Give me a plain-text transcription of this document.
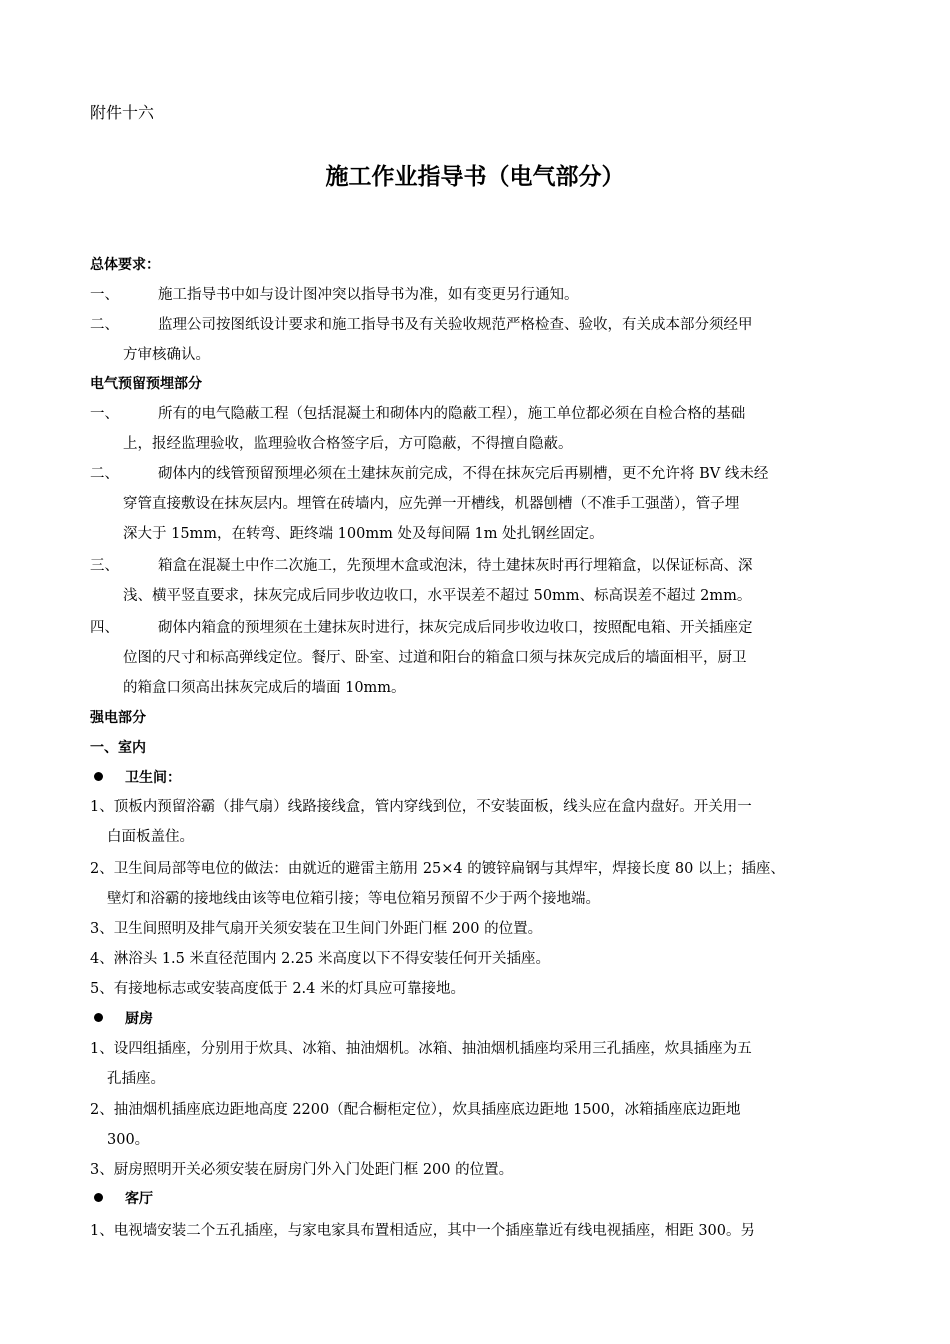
附件十六
施工作业指导书（电气部分）
总体要求：
一、	施工指导书中如与设计图冲突以指导书为准，如有变更另行通知。
二、	监理公司按图纸设计要求和施工指导书及有关验收规范严格检查、验收，有关成本部分须经甲
方审核确认。
电气预留预埋部分
一、	所有的电气隐蔽工程（包括混凝土和砌体内的隐蔽工程），施工单位都必须在自检合格的基础
上，报经监理验收，监理验收合格签字后，方可隐蔽，不得擅自隐蔽。
二、	砌体内的线管预留预埋必须在土建抹灰前完成，不得在抹灰完后再剔槽，更不允许将 BV 线未经
穿管直接敷设在抹灰层内。埋管在砖墙内，应先弹一开槽线，机器刨槽（不准手工强凿），管子埋
深大于 15mm，在转弯、距终端 100mm 处及每间隔 1m 处扎钢丝固定。
三、	箱盒在混凝土中作二次施工，先预埋木盒或泡沫，待土建抹灰时再行埋箱盒，以保证标高、深
浅、横平竖直要求，抹灰完成后同步收边收口，水平误差不超过 50mm、标高误差不超过 2mm。
四、	砌体内箱盒的预埋须在土建抹灰时进行，抹灰完成后同步收边收口，按照配电箱、开关插座定
位图的尺寸和标高弹线定位。餐厅、卧室、过道和阳台的箱盒口须与抹灰完成后的墙面相平，厨卫
的箱盒口须高出抹灰完成后的墙面 10mm。
强电部分
一、室内
卫生间：
1、顶板内预留浴霸（排气扇）线路接线盒，管内穿线到位，不安装面板，线头应在盒内盘好。开关用一
白面板盖住。
2、卫生间局部等电位的做法：由就近的避雷主筋用 25×4 的镀锌扁钢与其焊牢，焊接长度 80 以上；插座、
壁灯和浴霸的接地线由该等电位箱引接；等电位箱另预留不少于两个接地端。
3、卫生间照明及排气扇开关须安装在卫生间门外距门框 200 的位置。
4、淋浴头 1.5 米直径范围内 2.25 米高度以下不得安装任何开关插座。
5、有接地标志或安装高度低于 2.4 米的灯具应可靠接地。
厨房
1、设四组插座，分别用于炊具、冰箱、抽油烟机。冰箱、抽油烟机插座均采用三孔插座，炊具插座为五
孔插座。
2、抽油烟机插座底边距地高度 2200（配合橱柜定位），炊具插座底边距地 1500，冰箱插座底边距地
300。
3、厨房照明开关必须安装在厨房门外入门处距门框 200 的位置。
客厅
1、电视墙安装二个五孔插座，与家电家具布置相适应，其中一个插座靠近有线电视插座，相距 300。另
